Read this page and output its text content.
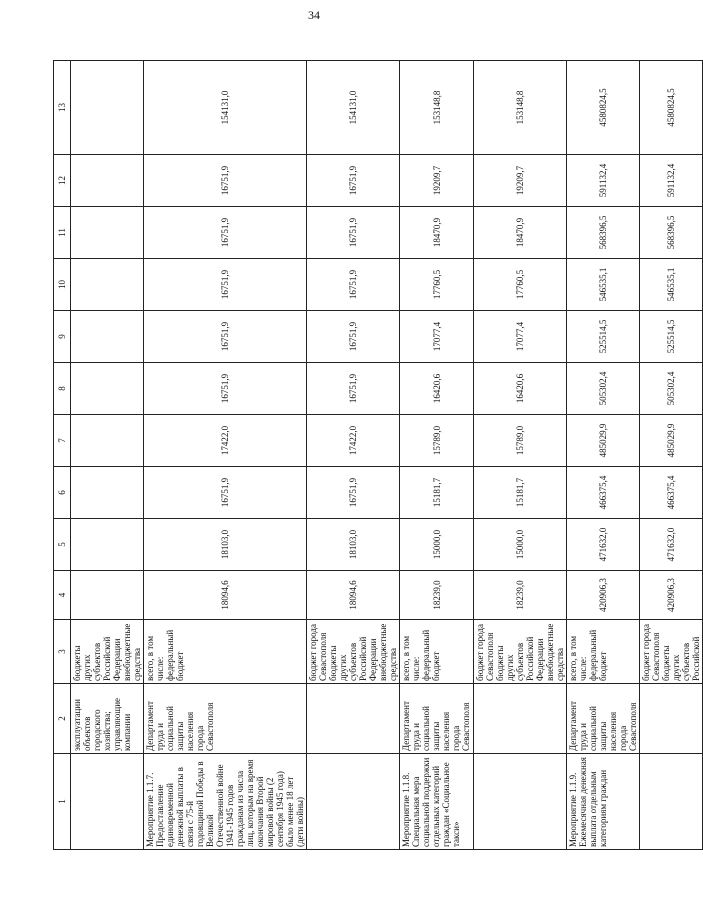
34
1	2	3	4	5	6	7	8	9	10	11	12	13
	эксплуатации объектов городского хозяйства; управляющие компании	бюджеты других субъектов Российской Федерации внебюджетные средства										
Мероприятие 1.1.7. Предоставление единовременной денежной выплаты в связи с 75-й годовщиной Победы в Великой Отечественной войне 1941-1945 годов гражданам из числа лиц, которым на время окончания Второй мировой войны (2 сентября 1945 года) было менее 18 лет (дети войны)	Департамент труда и социальной защиты населения города Севастополя	всего, в том числе: федеральный бюджет	18094,6	18103,0	16751,9	17422,0	16751,9	16751,9	16751,9	16751,9	16751,9	154131,0
		бюджет города Севастополя бюджеты других субъектов Российской Федерации внебюджетные средства	18094,6	18103,0	16751,9	17422,0	16751,9	16751,9	16751,9	16751,9	16751,9	154131,0
Мероприятие 1.1.8. Специальная мера социальной поддержки отдельных категорий граждан «Социальное такси»	Департамент труда и социальной защиты населения города Севастополя	всего, в том числе: федеральный бюджет	18239,0	15000,0	15181,7	15789,0	16420,6	17077,4	17760,5	18470,9	19209,7	153148,8
		бюджет города Севастополя бюджеты других субъектов Российской Федерации внебюджетные средства	18239,0	15000,0	15181,7	15789,0	16420,6	17077,4	17760,5	18470,9	19209,7	153148,8
Мероприятие 1.1.9. Ежемесячная денежная выплата отдельным категориям граждан	Департамент труда и социальной защиты населения города Севастополя	всего, в том числе: федеральный бюджет	420906,3	471632,0	466375,4	485029,9	505302,4	525514,5	546535,1	568396,5	591132,4	4580824,5
		бюджет города Севастополя бюджеты других субъектов Российской	420906,3	471632,0	466375,4	485029,9	505302,4	525514,5	546535,1	568396,5	591132,4	4580824,5
